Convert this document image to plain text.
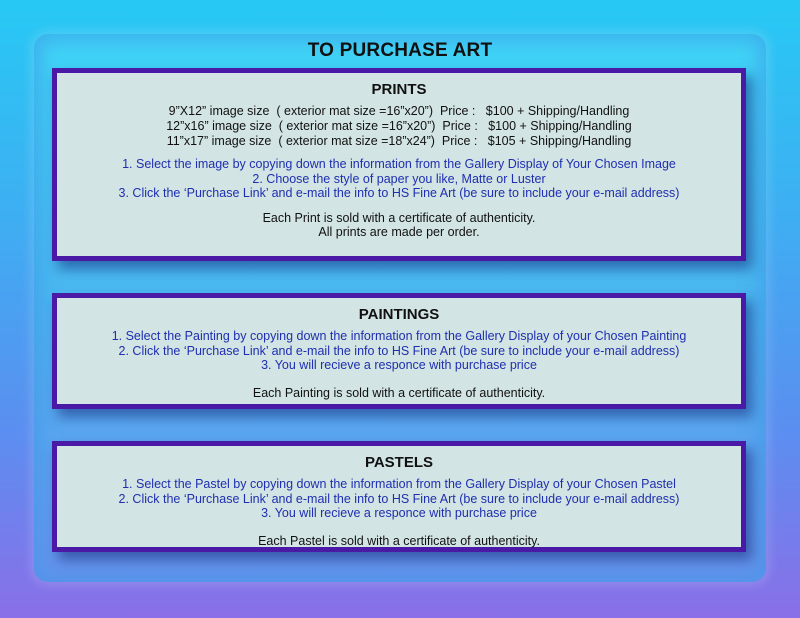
TO PURCHASE ART
PRINTS
9”X12” image size  ( exterior mat size =16”x20”)  Price :   $100 + Shipping/Handling
12”x16” image size  ( exterior mat size =16”x20”)  Price :   $100 + Shipping/Handling
11”x17” image size  ( exterior mat size =18”x24”)  Price :   $105 + Shipping/Handling
1. Select the image by copying down the information from the Gallery Display of Your Chosen Image
2. Choose the style of paper you like, Matte or Luster
3. Click the ‘Purchase Link’ and e-mail the info to HS Fine Art (be sure to include your e-mail address)
Each Print is sold with a certificate of authenticity.
All prints are made per order.
PAINTINGS
1. Select the Painting by copying down the information from the Gallery Display of your Chosen Painting
2. Click the ‘Purchase Link’ and e-mail the info to HS Fine Art (be sure to include your e-mail address)
3. You will recieve a responce with purchase price
Each Painting is sold with a certificate of authenticity.
PASTELS
1. Select the Pastel by copying down the information from the Gallery Display of your Chosen Pastel
2. Click the ‘Purchase Link’ and e-mail the info to HS Fine Art (be sure to include your e-mail address)
3. You will recieve a responce with purchase price
Each Pastel is sold with a certificate of authenticity.
